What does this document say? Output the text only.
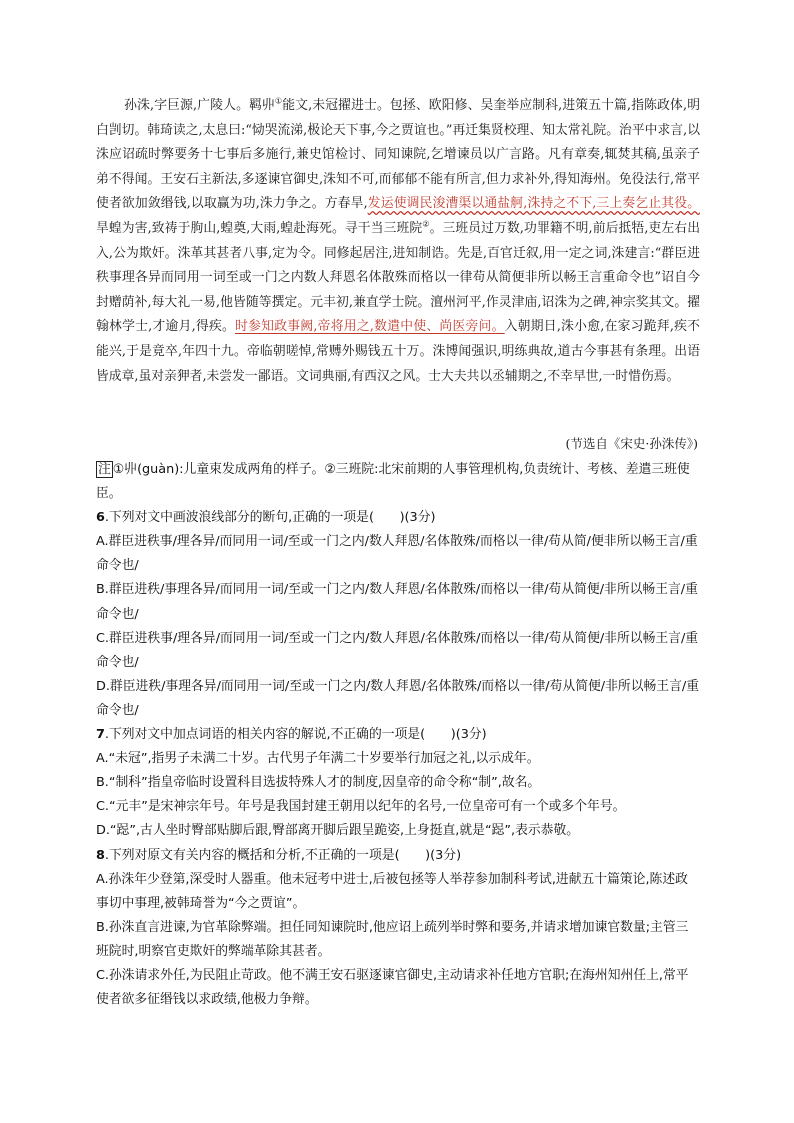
孙洙,字巨源,广陵人。羁丱①能文,未冠擢进士。包拯、欧阳修、吴奎举应制科,进策五十篇,指陈政体,明白剀切。韩琦读之,太息曰:“恸哭流涕,极论天下事,今之贾谊也。”再迁集贤校理、知太常礼院。治平中求言,以洙应诏疏时弊要务十七事后多施行,兼史馆检讨、同知谏院,乞增谏员以广言路。凡有章奏,辄焚其稿,虽亲子弟不得闻。王安石主新法,多逐谏官御史,洙知不可,而郁郁不能有所言,但力求补外,得知海州。免役法行,常平使者欲加敛缗钱,以取赢为功,洙力争之。方春旱,发运使调民浚漕渠以通盐舸,洙持之不下,三上奏乞止其役。旱蝗为害,致祷于朐山,蝗奠,大雨,蝗赴海死。寻干当三班院②。三班员过万数,功罪籍不明,前后抵牾,吏左右出入,公为欺奸。洙革其甚者八事,定为令。同修起居注,进知制诰。先是,百官迁叙,用一定之词,洙建言:“群臣进秩事理各异而同用一词至或一门之内数人拜恩名体散殊而格以一律苟从简便非所以畅王言重命令也”诏自今封赠荫补,每大礼一易,他皆随等撰定。元丰初,兼直学士院。澶州河平,作灵津庙,诏洙为之碑,神宗奖其文。擢翰林学士,才逾月,得疾。时参知政事阙,帝将用之,数遣中使、尚医旁问。入朝期日,洙小愈,在家习跪拜,疾不能兴,于是竟卒,年四十九。帝临朝嗟悼,常赙外赐钱五十万。洙博闻强识,明练典故,道古今事甚有条理。出语皆成章,虽对亲狎者,未尝发一鄙语。文词典丽,有西汉之风。士大夫共以丞辅期之,不幸早世,一时惜伤焉。
(节选自《宋史·孙洙传》)

注 ①丱(guàn):儿童束发成两角的样子。②三班院:北宋前期的人事管理机构,负责统计、考核、差遣三班使臣。

6.下列对文中画波浪线部分的断句,正确的一项是(　　)(3分)

A.群臣进秩事/理各异/而同用一词/至或一门之内/数人拜恩/名体散殊/而格以一律/苟从简/便非所以畅王言/重命令也/

B.群臣进秩/事理各异/而同用一词/至或一门之内/数人拜恩/名体散殊/而格以一律/苟从简便/非所以畅王言/重命令也/

C.群臣进秩事/理各异/而同用一词/至或一门之内/数人拜恩/名体散殊/而格以一律/苟从简便/非所以畅王言/重命令也/

D.群臣进秩/事理各异/而同用一词/至或一门之内/数人拜恩/名体散殊/而格以一律/苟从简便/非所以畅王言/重命令也/

7.下列对文中加点词语的相关内容的解说,不正确的一项是(　　)(3分)

A.“未冠”,指男子未满二十岁。古代男子年满二十岁要举行加冠之礼,以示成年。

B.“制科”指皇帝临时设置科目选拔特殊人才的制度,因皇帝的命令称“制”,故名。

C.“元丰”是宋神宗年号。年号是我国封建王朝用以纪年的名号,一位皇帝可有一个或多个年号。

D.“跽”,古人坐时臀部贴脚后跟,臀部离开脚后跟呈跪姿,上身挺直,就是“跽”,表示恭敬。

8.下列对原文有关内容的概括和分析,不正确的一项是(　　)(3分)

A.孙洙年少登第,深受时人器重。他未冠考中进士,后被包拯等人举荐参加制科考试,进献五十篇策论,陈述政事切中事理,被韩琦誉为“今之贾谊”。

B.孙洙直言进谏,为官革除弊端。担任同知谏院时,他应诏上疏列举时弊和要务,并请求增加谏官数量;主管三班院时,明察官吏欺奸的弊端革除其甚者。

C.孙洙请求外任,为民阻止苛政。他不满王安石驱逐谏官御史,主动请求补任地方官职;在海州知州任上,常平使者欲多征缗钱以求政绩,他极力争辩。
